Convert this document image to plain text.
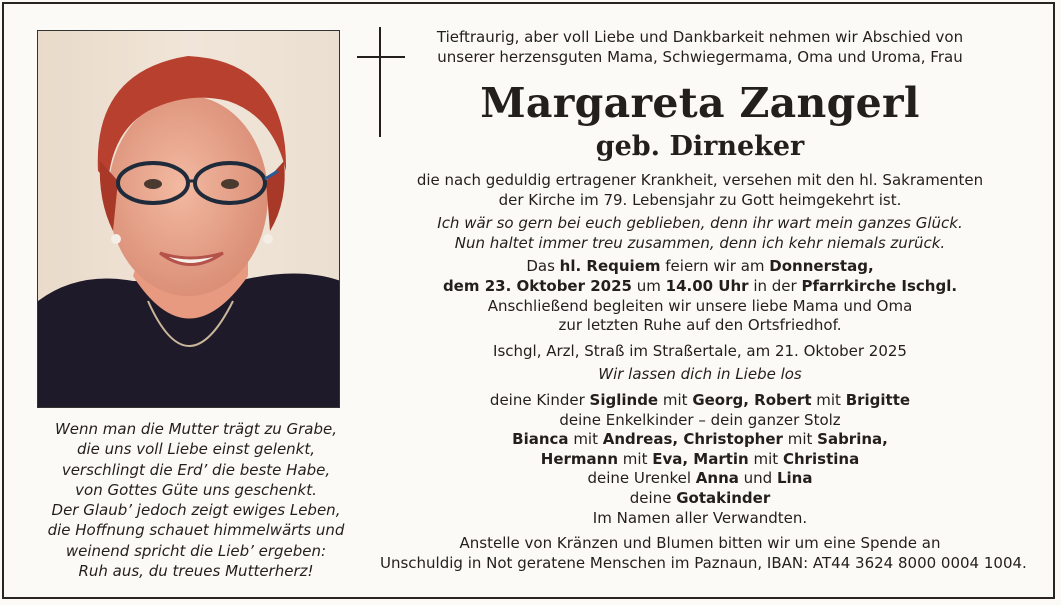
Wenn man die Mutter trägt zu Grabe,
die uns voll Liebe einst gelenkt,
verschlingt die Erd’ die beste Habe,
von Gottes Güte uns geschenkt.
Der Glaub’ jedoch zeigt ewiges Leben,
die Hoffnung schauet himmelwärts und
weinend spricht die Lieb’ ergeben:
Ruh aus, du treues Mutterherz!
Tieftraurig, aber voll Liebe und Dankbarkeit nehmen wir Abschied von
unserer herzensguten Mama, Schwiegermama, Oma und Uroma, Frau
Margareta Zangerl
geb. Dirneker
die nach geduldig ertragener Krankheit, versehen mit den hl. Sakramenten
der Kirche im 79. Lebensjahr zu Gott heimgekehrt ist.
Ich wär so gern bei euch geblieben, denn ihr wart mein ganzes Glück.
Nun haltet immer treu zusammen, denn ich kehr niemals zurück.
Das hl. Requiem feiern wir am Donnerstag,
dem 23. Oktober 2025 um 14.00 Uhr in der Pfarrkirche Ischgl.
Anschließend begleiten wir unsere liebe Mama und Oma
zur letzten Ruhe auf den Ortsfriedhof.
Ischgl, Arzl, Straß im Straßertale, am 21. Oktober 2025
Wir lassen dich in Liebe los
deine Kinder Siglinde mit Georg, Robert mit Brigitte
deine Enkelkinder – dein ganzer Stolz
Bianca mit Andreas, Christopher mit Sabrina,
Hermann mit Eva, Martin mit Christina
deine Urenkel Anna und Lina
deine Gotakinder
Im Namen aller Verwandten.
Anstelle von Kränzen und Blumen bitten wir um eine Spende an
Unschuldig in Not geratene Menschen im Paznaun, IBAN: AT44 3624 8000 0004 1004.
